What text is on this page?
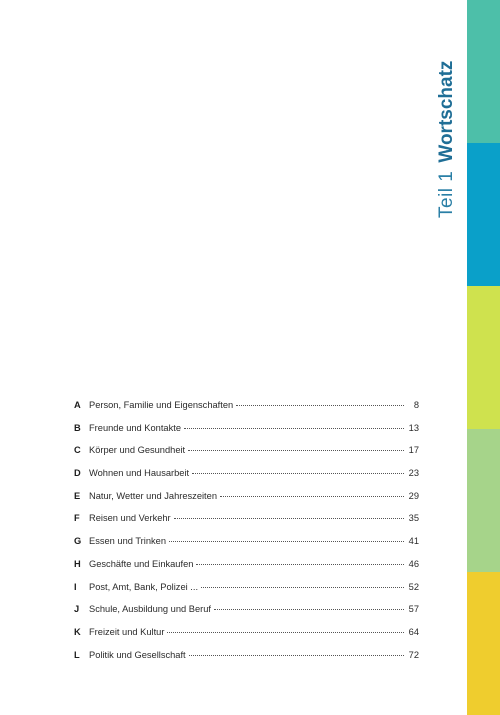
Teil 1Wortschatz
A Person, Familie und Eigenschaften	8
B Freunde und Kontakte	13
C Körper und Gesundheit	17
D Wohnen und Hausarbeit	23
E Natur, Wetter und Jahreszeiten	29
F	Reisen und Verkehr	35
G Essen und Trinken	41
H Geschäfte und Einkaufen	46
I	Post, Amt, Bank, Polizei ...	52
J	Schule, Ausbildung und Beruf	57
K Freizeit und Kultur	64
L	Politik und Gesellschaft	72
